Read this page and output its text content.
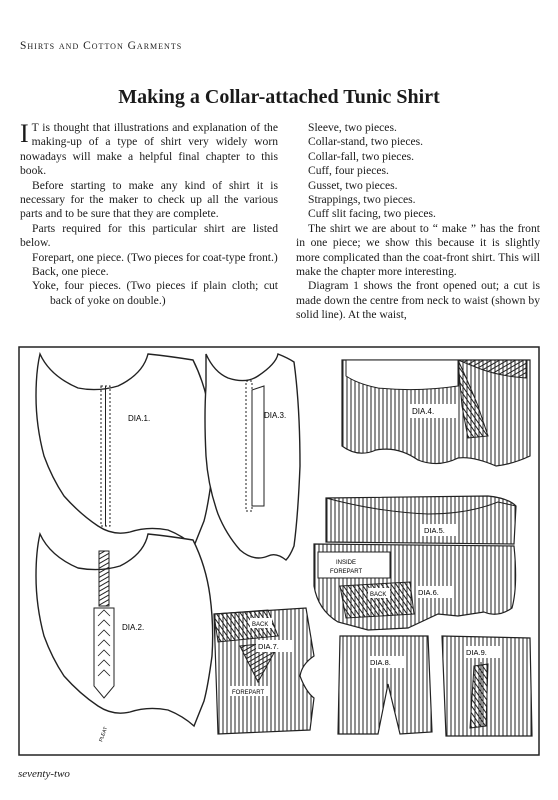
Shirts and Cotton Garments
Making a Collar-attached Tunic Shirt

I T is thought that illustrations and explanation of the making-up of a type of shirt very widely worn nowadays will make a helpful final chapter to this book.

Before starting to make any kind of shirt it is necessary for the maker to check up all the various parts and to be sure that they are complete.

Parts required for this particular shirt are listed below.

Forepart, one piece. (Two pieces for coat-type front.)

Back, one piece.

Yoke, four pieces. (Two pieces if plain cloth; cut back of yoke on double.)

Sleeve, two pieces.

Collar-stand, two pieces.

Collar-fall, two pieces.

Cuff, four pieces.

Gusset, two pieces.

Strappings, two pieces.

Cuff slit facing, two pieces.

The shirt we are about to “ make ” has the front in one piece; we show this because it is slightly more complicated than the coat-front shirt. This will make the chapter more interesting.

Diagram 1 shows the front opened out; a cut is made down the centre from neck to waist (shown by solid line). At the waist,

DIA.1.
DIA.2.
PLEAT
DIA.3.	DIA.4.
DIA.5.
INSIDE
FOREPART
BACK	DIA.6.
BACK
DIA.7.
FOREPART
DIA.8.
DIA.9.
seventy-two
